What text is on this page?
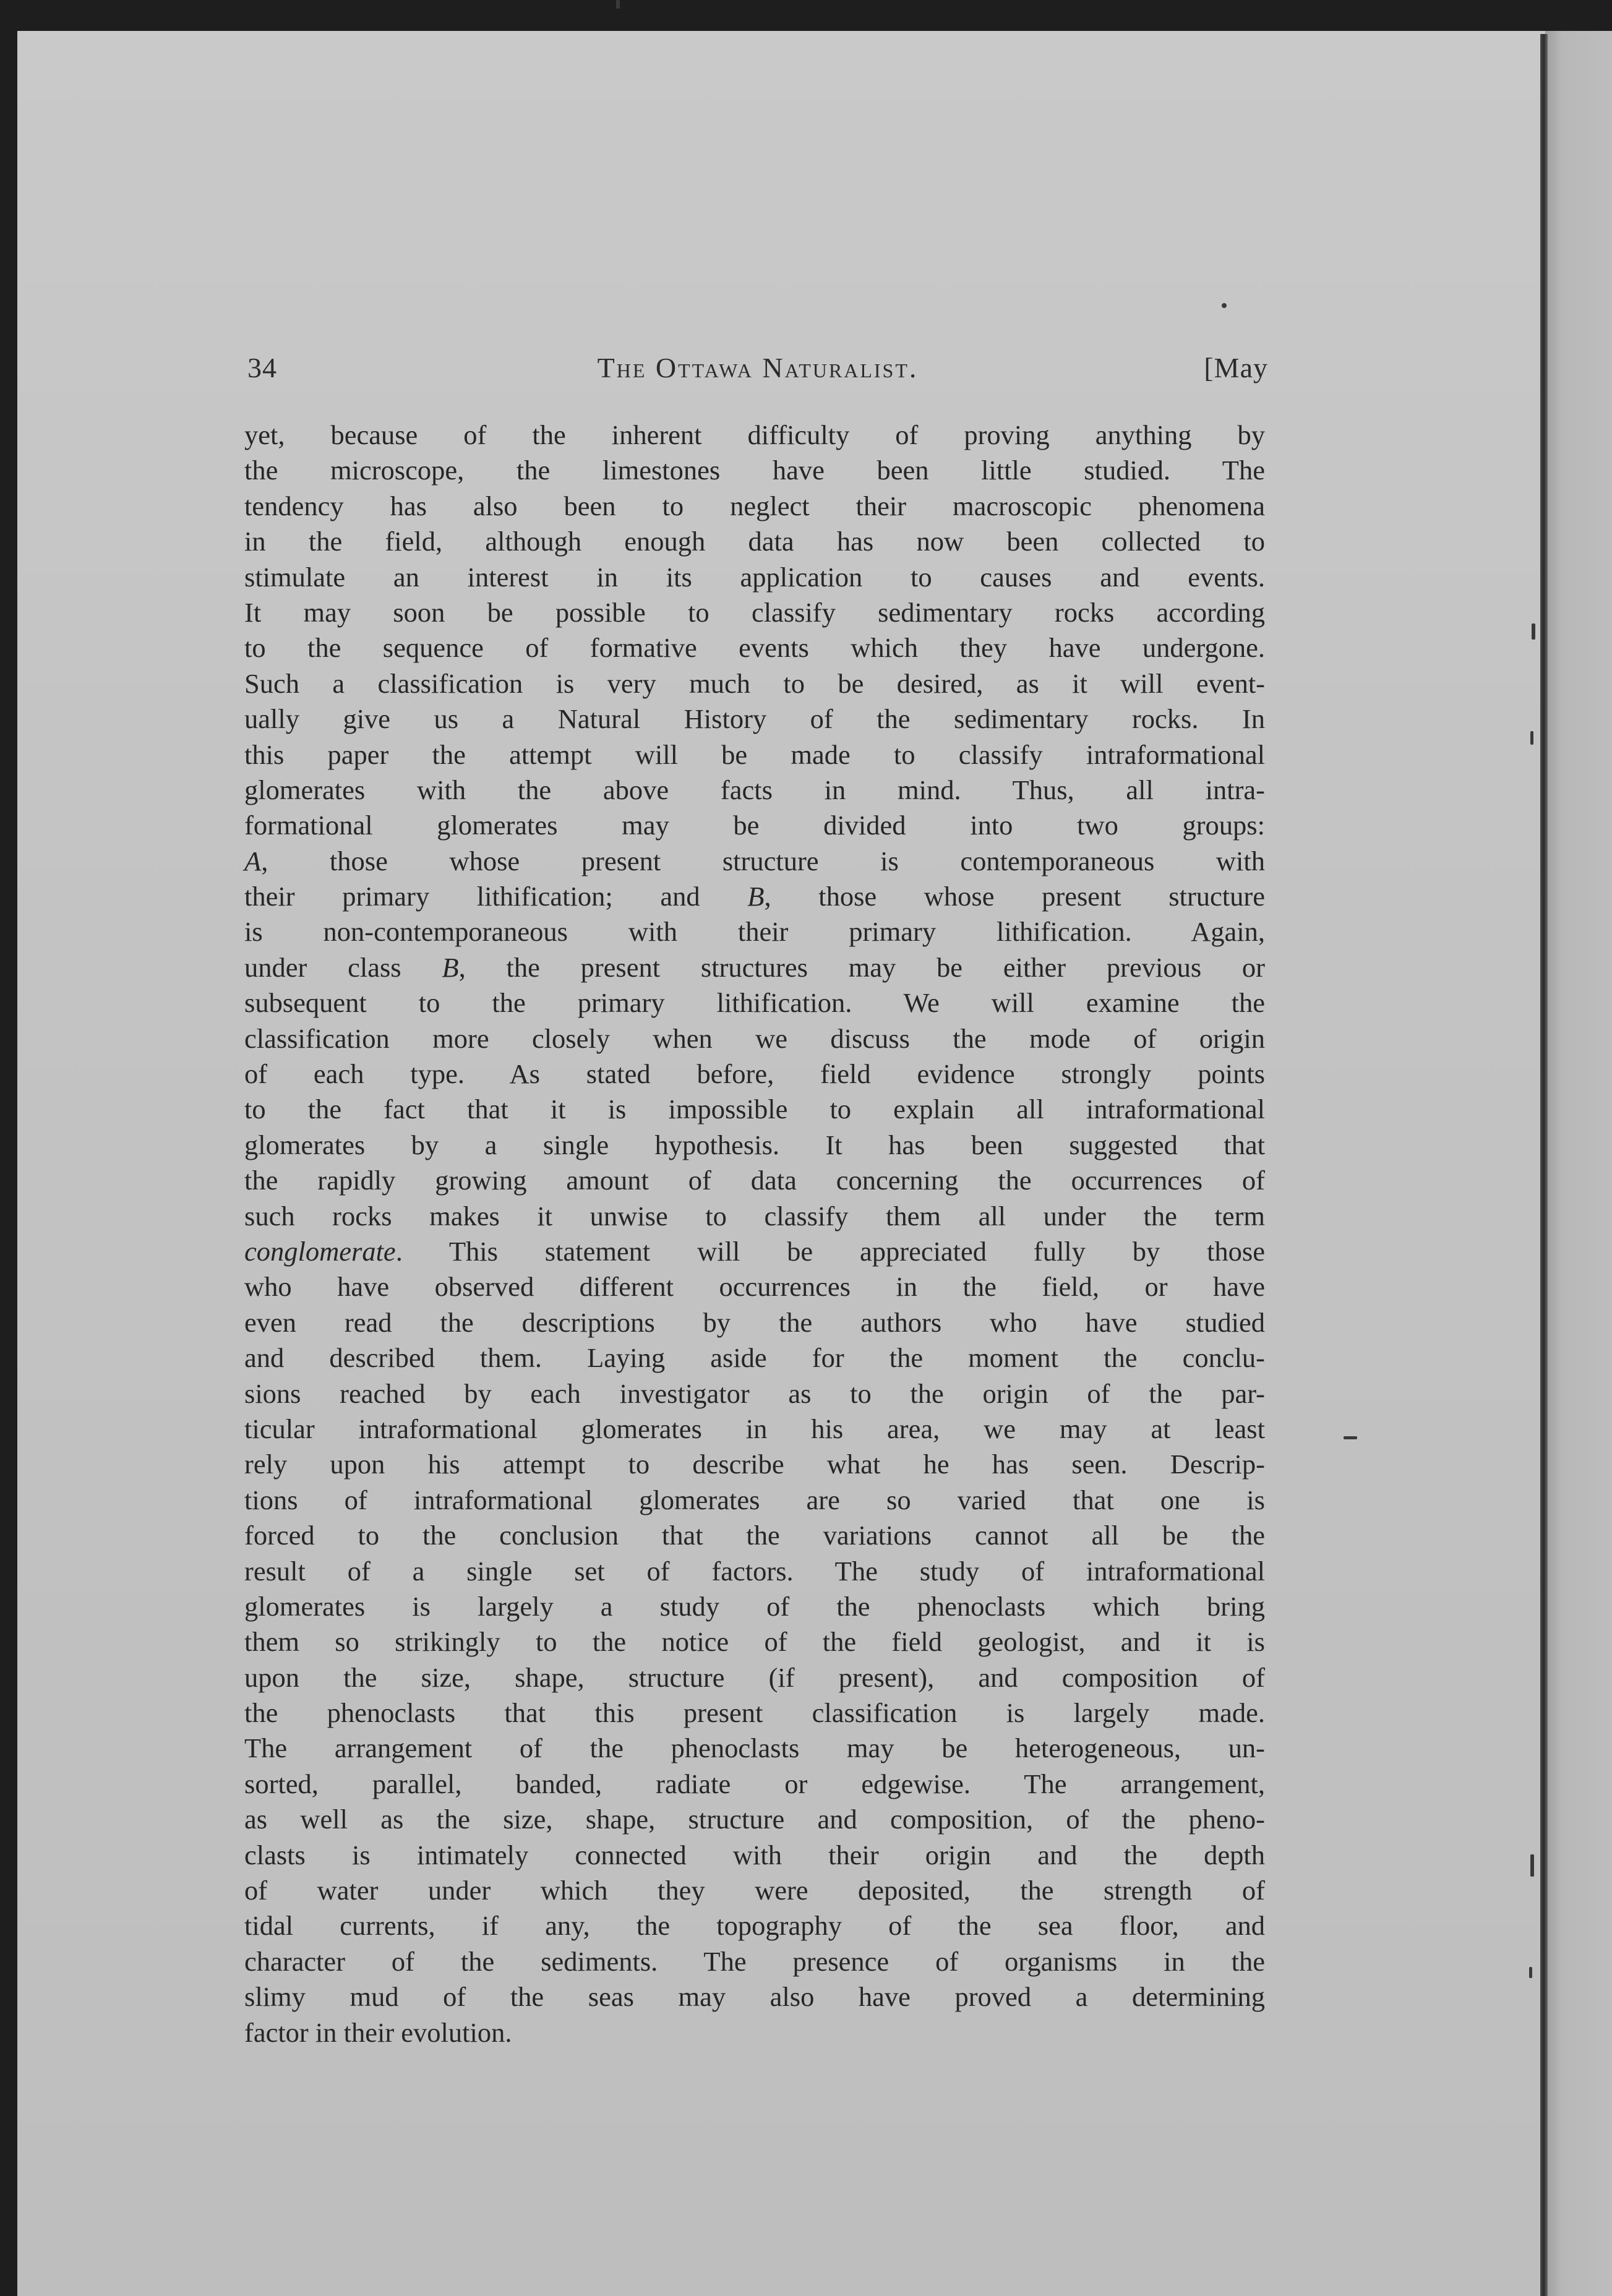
34	The Ottawa Naturalist.	[May
yet, because of the inherent difficulty of proving anything by
the microscope, the limestones have been little studied. The
tendency has also been to neglect their macroscopic phenomena
in the field, although enough data has now been collected to
stimulate an interest in its application to causes and events.
It may soon be possible to classify sedimentary rocks according
to the sequence of formative events which they have undergone.
Such a classification is very much to be desired, as it will event-
ually give us a Natural History of the sedimentary rocks. In
this paper the attempt will be made to classify intraformational
glomerates with the above facts in mind. Thus, all intra-
formational glomerates may be divided into two groups:
A, those whose present structure is contemporaneous with
their primary lithification; and B, those whose present structure
is non-contemporaneous with their primary lithification. Again,
under class B, the present structures may be either previous or
subsequent to the primary lithification. We will examine the
classification more closely when we discuss the mode of origin
of each type. As stated before, field evidence strongly points
to the fact that it is impossible to explain all intraformational
glomerates by a single hypothesis. It has been suggested that
the rapidly growing amount of data concerning the occurrences of
such rocks makes it unwise to classify them all under the term
conglomerate. This statement will be appreciated fully by those
who have observed different occurrences in the field, or have
even read the descriptions by the authors who have studied
and described them. Laying aside for the moment the conclu-
sions reached by each investigator as to the origin of the par-
ticular intraformational glomerates in his area, we may at least
rely upon his attempt to describe what he has seen. Descrip-
tions of intraformational glomerates are so varied that one is
forced to the conclusion that the variations cannot all be the
result of a single set of factors. The study of intraformational
glomerates is largely a study of the phenoclasts which bring
them so strikingly to the notice of the field geologist, and it is
upon the size, shape, structure (if present), and composition of
the phenoclasts that this present classification is largely made.
The arrangement of the phenoclasts may be heterogeneous, un-
sorted, parallel, banded, radiate or edgewise. The arrangement,
as well as the size, shape, structure and composition, of the pheno-
clasts is intimately connected with their origin and the depth
of water under which they were deposited, the strength of
tidal currents, if any, the topography of the sea floor, and
character of the sediments. The presence of organisms in the
slimy mud of the seas may also have proved a determining
factor in their evolution.
